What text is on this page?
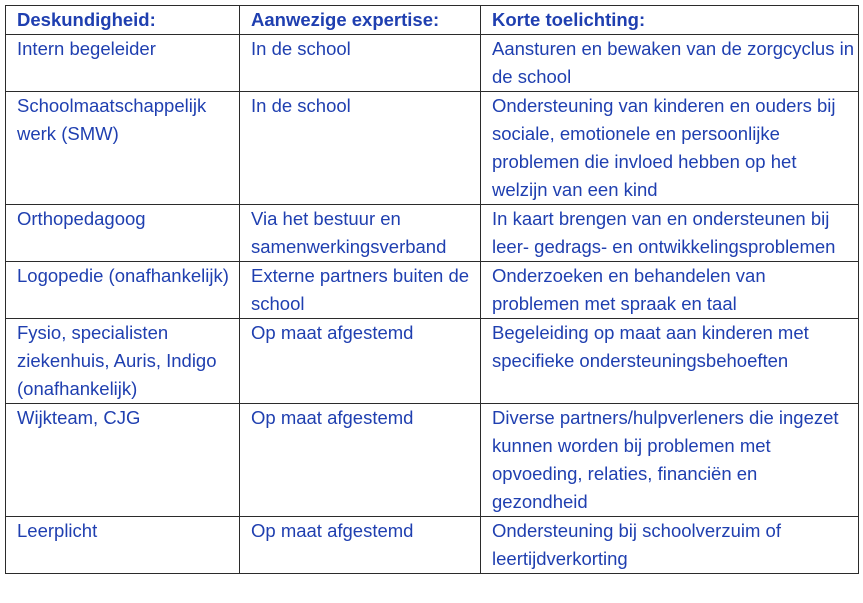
Deskundigheid:	Aanwezige expertise:	Korte toelichting:
Intern begeleider	In de school	Aansturen en bewaken van de zorgcyclus in de school
Schoolmaatschappelijk werk (SMW)	In de school	Ondersteuning van kinderen en ouders bij sociale, emotionele en persoonlijke problemen die invloed hebben op het welzijn van een kind
Orthopedagoog	Via het bestuur en samenwerkingsverband	In kaart brengen van en ondersteunen bij leer- gedrags- en ontwikkelingsproblemen
Logopedie (onafhankelijk)	Externe partners buiten de school	Onderzoeken en behandelen van problemen met spraak en taal
Fysio, specialisten ziekenhuis, Auris, Indigo (onafhankelijk)	Op maat afgestemd	Begeleiding op maat aan kinderen met specifieke ondersteuningsbehoeften
Wijkteam, CJG	Op maat afgestemd	Diverse partners/hulpverleners die ingezet kunnen worden bij problemen met opvoeding, relaties, financiën en gezondheid
Leerplicht	Op maat afgestemd	Ondersteuning bij schoolverzuim of leertijdverkorting
